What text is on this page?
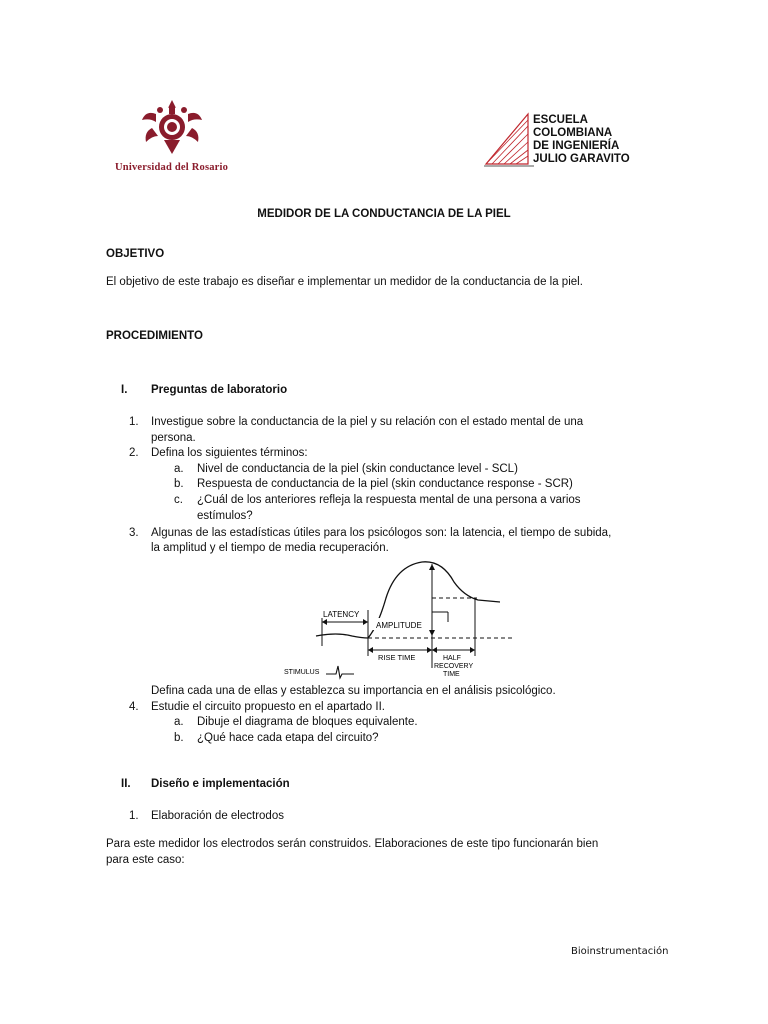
Universidad del Rosario
ESCUELA
COLOMBIANA
DE INGENIERÍA
JULIO GARAVITO
MEDIDOR DE LA CONDUCTANCIA DE LA PIEL
OBJETIVO
El objetivo de este trabajo es diseñar e implementar un medidor de la conductancia de la piel.
PROCEDIMIENTO
I. Preguntas de laboratorio
1. Investigue sobre la conductancia de la piel y su relación con el estado mental de una
persona.
2. Defina los siguientes términos:
a. Nivel de conductancia de la piel (skin conductance level - SCL)
b. Respuesta de conductancia de la piel (skin conductance response - SCR)
c. ¿Cuál de los anteriores refleja la respuesta mental de una persona a varios
estímulos?
3. Algunas de las estadísticas útiles para los psicólogos son: la latencia, el tiempo de subida,
la amplitud y el tiempo de media recuperación.
LATENCY
AMPLITUDE
RISE TIME	HALF
RECOVERY
TIME
STIMULUS
Defina cada una de ellas y establezca su importancia en el análisis psicológico.
4. Estudie el circuito propuesto en el apartado II.
a. Dibuje el diagrama de bloques equivalente.
b. ¿Qué hace cada etapa del circuito?
II. Diseño e implementación
1. Elaboración de electrodos
Para este medidor los electrodos serán construidos. Elaboraciones de este tipo funcionarán bien
para este caso:
Bioinstrumentación
